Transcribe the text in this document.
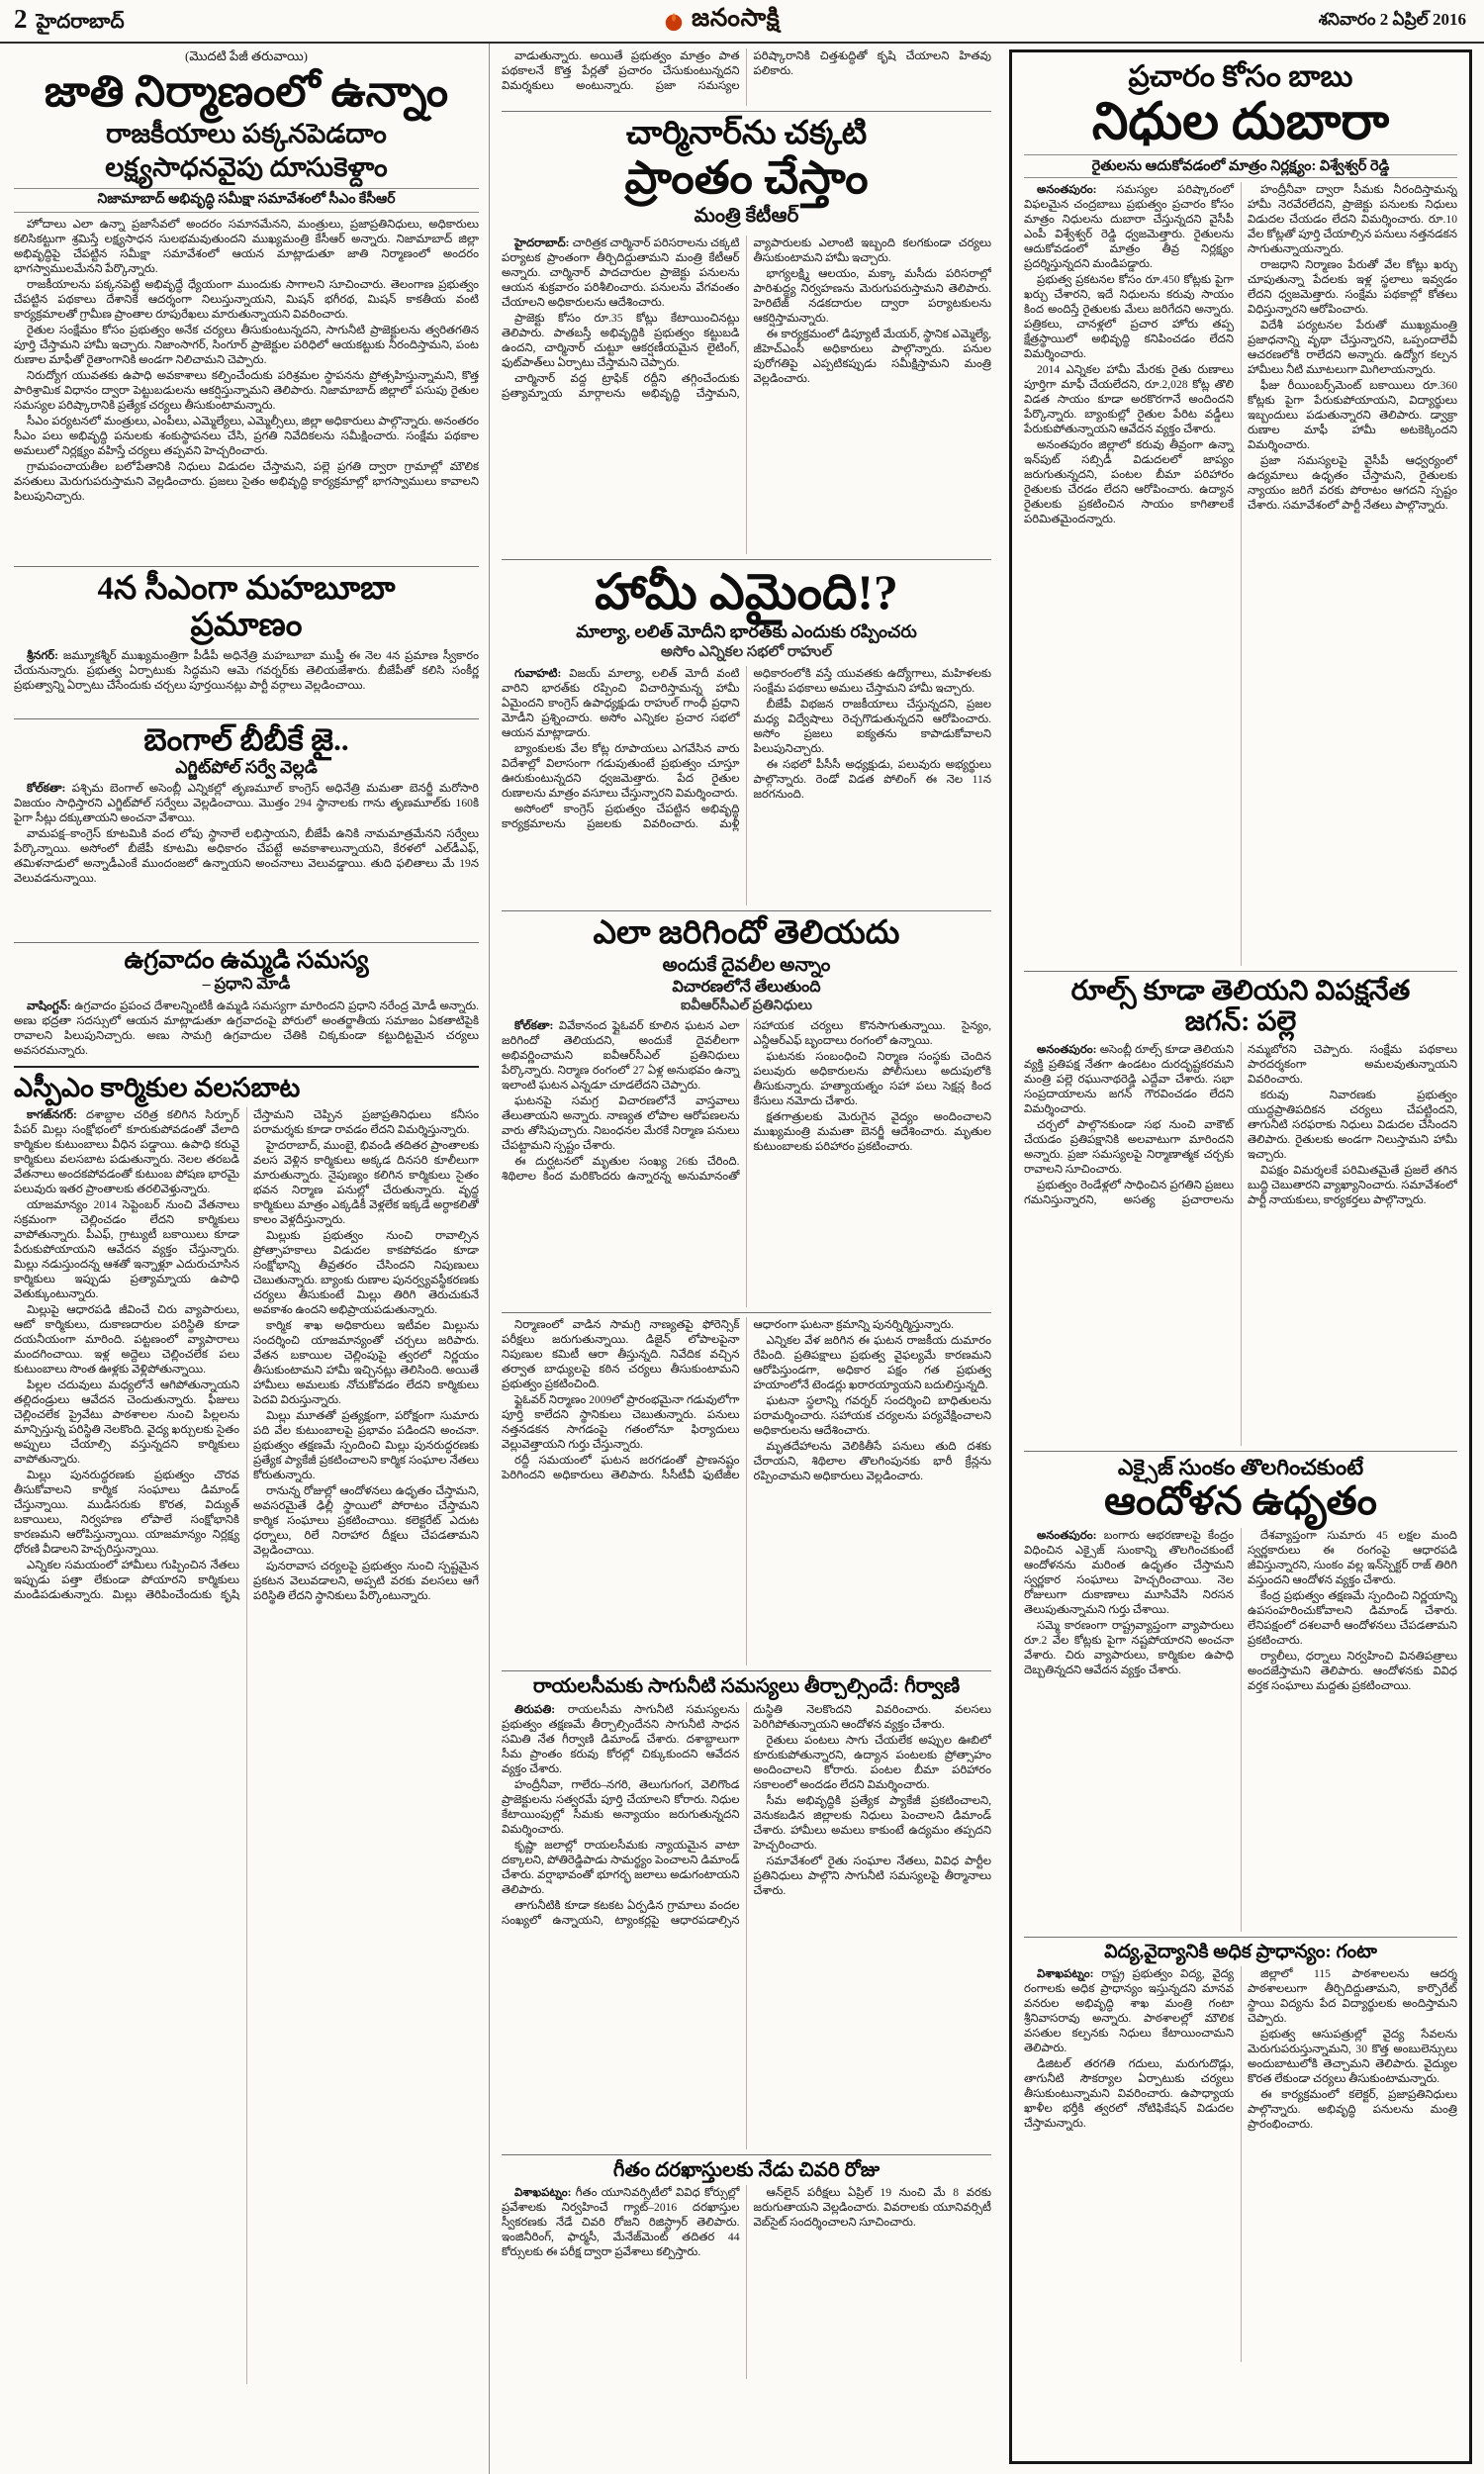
2 హైదరాబాద్	జనంసాక్షి	శనివారం 2 ఏప్రిల్ 2016
(మొదటి పేజీ తరువాయి)
జాతి నిర్మాణంలో ఉన్నాం
రాజకీయాలు పక్కనపెడదాం
లక్ష్యసాధనవైపు దూసుకెళ్దాం
నిజామాబాద్ అభివృద్ధి సమీక్షా సమావేశంలో సీఎం కేసీఆర్

హోదాలు ఎలా ఉన్నా ప్రజాసేవలో అందరం సమానమేనని, మంత్రులు, ప్రజాప్రతినిధులు, అధికారులు కలిసికట్టుగా శ్రమిస్తే లక్ష్యసాధన సులభమవుతుందని ముఖ్యమంత్రి కేసీఆర్ అన్నారు. నిజామాబాద్ జిల్లా అభివృద్ధిపై చేపట్టిన సమీక్షా సమావేశంలో ఆయన మాట్లాడుతూ జాతి నిర్మాణంలో అందరం భాగస్వాములమేనని పేర్కొన్నారు.

రాజకీయాలను పక్కనపెట్టి అభివృద్ధే ధ్యేయంగా ముందుకు సాగాలని సూచించారు. తెలంగాణ ప్రభుత్వం చేపట్టిన పథకాలు దేశానికే ఆదర్శంగా నిలుస్తున్నాయని, మిషన్ భగీరథ, మిషన్ కాకతీయ వంటి కార్యక్రమాలతో గ్రామీణ ప్రాంతాల రూపురేఖలు మారుతున్నాయని వివరించారు.

రైతుల సంక్షేమం కోసం ప్రభుత్వం అనేక చర్యలు తీసుకుంటున్నదని, సాగునీటి ప్రాజెక్టులను త్వరితగతిన పూర్తి చేస్తామని హామీ ఇచ్చారు. నిజాంసాగర్, సింగూర్ ప్రాజెక్టుల పరిధిలో ఆయకట్టుకు నీరందిస్తామని, పంట రుణాల మాఫీతో రైతాంగానికి అండగా నిలిచామని చెప్పారు.

నిరుద్యోగ యువతకు ఉపాధి అవకాశాలు కల్పించేందుకు పరిశ్రమల స్థాపనను ప్రోత్సహిస్తున్నామని, కొత్త పారిశ్రామిక విధానం ద్వారా పెట్టుబడులను ఆకర్షిస్తున్నామని తెలిపారు. నిజామాబాద్ జిల్లాలో పసుపు రైతుల సమస్యల పరిష్కారానికి ప్రత్యేక చర్యలు తీసుకుంటామన్నారు.

సీఎం పర్యటనలో మంత్రులు, ఎంపీలు, ఎమ్మెల్యేలు, ఎమ్మెల్సీలు, జిల్లా అధికారులు పాల్గొన్నారు. అనంతరం సీఎం పలు అభివృద్ధి పనులకు శంకుస్థాపనలు చేసి, ప్రగతి నివేదికలను సమీక్షించారు. సంక్షేమ పథకాల అమలులో నిర్లక్ష్యం వహిస్తే చర్యలు తప్పవని హెచ్చరించారు.

గ్రామపంచాయతీల బలోపేతానికి నిధులు విడుదల చేస్తామని, పల్లె ప్రగతి ద్వారా గ్రామాల్లో మౌలిక వసతులు మెరుగుపరుస్తామని వెల్లడించారు. ప్రజలు సైతం అభివృద్ధి కార్యక్రమాల్లో భాగస్వాములు కావాలని పిలుపునిచ్చారు.

4న సీఎంగా మహబూబా ప్రమాణం

శ్రీనగర్: జమ్మూకశ్మీర్ ముఖ్యమంత్రిగా పీడీపీ అధినేత్రి మహబూబా ముఫ్తీ ఈ నెల 4న ప్రమాణ స్వీకారం చేయనున్నారు. ప్రభుత్వ ఏర్పాటుకు సిద్ధమని ఆమె గవర్నర్‌కు తెలియజేశారు. బీజేపీతో కలిసి సంకీర్ణ ప్రభుత్వాన్ని ఏర్పాటు చేసేందుకు చర్చలు పూర్తయినట్లు పార్టీ వర్గాలు వెల్లడించాయి.

బెంగాల్ బీబీకే జై..
ఎగ్జిట్‌పోల్ సర్వే వెల్లడి

కోల్‌కతా: పశ్చిమ బెంగాల్ అసెంబ్లీ ఎన్నికల్లో తృణమూల్ కాంగ్రెస్ అధినేత్రి మమతా బెనర్జీ మరోసారి విజయం సాధిస్తారని ఎగ్జిట్‌పోల్ సర్వేలు వెల్లడించాయి. మొత్తం 294 స్థానాలకు గాను తృణమూల్‌కు 160కి పైగా సీట్లు దక్కుతాయని అంచనా వేశాయి.

వామపక్ష–కాంగ్రెస్ కూటమికి వంద లోపు స్థానాలే లభిస్తాయని, బీజేపీ ఉనికి నామమాత్రమేనని సర్వేలు పేర్కొన్నాయి. అసోంలో బీజేపీ కూటమి అధికారం చేపట్టే అవకాశాలున్నాయని, కేరళలో ఎల్‌డీఎఫ్, తమిళనాడులో అన్నాడీఎంకే ముందంజలో ఉన్నాయని అంచనాలు వెలువడ్డాయి. తుది ఫలితాలు మే 19న వెలువడనున్నాయి.

ఉగ్రవాదం ఉమ్మడి సమస్య
– ప్రధాని మోడీ

వాషింగ్టన్: ఉగ్రవాదం ప్రపంచ దేశాలన్నింటికీ ఉమ్మడి సమస్యగా మారిందని ప్రధాని నరేంద్ర మోడీ అన్నారు. అణు భద్రతా సదస్సులో ఆయన మాట్లాడుతూ ఉగ్రవాదంపై పోరులో అంతర్జాతీయ సమాజం ఏకతాటిపైకి రావాలని పిలుపునిచ్చారు. అణు సామగ్రి ఉగ్రవాదుల చేతికి చిక్కకుండా కట్టుదిట్టమైన చర్యలు అవసరమన్నారు.

ఎస్పీఎం కార్మికుల వలసబాట

కాగజ్‌నగర్: దశాబ్దాల చరిత్ర కలిగిన సిర్పూర్ పేపర్ మిల్లు సంక్షోభంలో కూరుకుపోవడంతో వేలాది కార్మికుల కుటుంబాలు వీధిన పడ్డాయి. ఉపాధి కరువై కార్మికులు వలసబాట పడుతున్నారు. నెలల తరబడి వేతనాలు అందకపోవడంతో కుటుంబ పోషణ భారమై పలువురు ఇతర ప్రాంతాలకు తరలివెళ్తున్నారు.

యాజమాన్యం 2014 సెప్టెంబర్ నుంచి వేతనాలు సక్రమంగా చెల్లించడం లేదని కార్మికులు వాపోతున్నారు. పీఎఫ్, గ్రాట్యుటీ బకాయిలు కూడా పేరుకుపోయాయని ఆవేదన వ్యక్తం చేస్తున్నారు. మిల్లు నడుస్తుందన్న ఆశతో ఇన్నాళ్లూ ఎదురుచూసిన కార్మికులు ఇప్పుడు ప్రత్యామ్నాయ ఉపాధి వెతుక్కుంటున్నారు.

మిల్లుపై ఆధారపడి జీవించే చిరు వ్యాపారులు, ఆటో కార్మికులు, దుకాణదారుల పరిస్థితి కూడా దయనీయంగా మారింది. పట్టణంలో వ్యాపారాలు మందగించాయి. ఇళ్ల అద్దెలు చెల్లించలేక పలు కుటుంబాలు సొంత ఊళ్లకు వెళ్లిపోతున్నాయి.

పిల్లల చదువులు మధ్యలోనే ఆగిపోతున్నాయని తల్లిదండ్రులు ఆవేదన చెందుతున్నారు. ఫీజులు చెల్లించలేక ప్రైవేటు పాఠశాలల నుంచి పిల్లలను మాన్పిస్తున్న పరిస్థితి నెలకొంది. వైద్య ఖర్చులకు సైతం అప్పులు చేయాల్సి వస్తున్నదని కార్మికులు వాపోతున్నారు.

మిల్లు పునరుద్ధరణకు ప్రభుత్వం చొరవ తీసుకోవాలని కార్మిక సంఘాలు డిమాండ్ చేస్తున్నాయి. ముడిసరుకు కొరత, విద్యుత్ బకాయిలు, నిర్వహణ లోపాలే సంక్షోభానికి కారణమని ఆరోపిస్తున్నాయి. యాజమాన్యం నిర్లక్ష్య ధోరణి వీడాలని హెచ్చరిస్తున్నాయి.

ఎన్నికల సమయంలో హామీలు గుప్పించిన నేతలు ఇప్పుడు పత్తా లేకుండా పోయారని కార్మికులు మండిపడుతున్నారు. మిల్లు తెరిపించేందుకు కృషి చేస్తామని చెప్పిన ప్రజాప్రతినిధులు కనీసం పరామర్శకు కూడా రావడం లేదని విమర్శిస్తున్నారు.

హైదరాబాద్, ముంబై, భివండి తదితర ప్రాంతాలకు వలస వెళ్లిన కార్మికులు అక్కడ దినసరి కూలీలుగా మారుతున్నారు. నైపుణ్యం కలిగిన కార్మికులు సైతం భవన నిర్మాణ పనుల్లో చేరుతున్నారు. వృద్ధ కార్మికులు మాత్రం ఎక్కడికీ వెళ్లలేక ఇక్కడే అర్ధాకలితో కాలం వెళ్లదీస్తున్నారు.

మిల్లుకు ప్రభుత్వం నుంచి రావాల్సిన ప్రోత్సాహకాలు విడుదల కాకపోవడం కూడా సంక్షోభాన్ని తీవ్రతరం చేసిందని నిపుణులు చెబుతున్నారు. బ్యాంకు రుణాల పునర్వ్యవస్థీకరణకు చర్యలు తీసుకుంటే మిల్లు తిరిగి తెరుచుకునే అవకాశం ఉందని అభిప్రాయపడుతున్నారు.

కార్మిక శాఖ అధికారులు ఇటీవల మిల్లును సందర్శించి యాజమాన్యంతో చర్చలు జరిపారు. వేతన బకాయిల చెల్లింపుపై త్వరలో నిర్ణయం తీసుకుంటామని హామీ ఇచ్చినట్లు తెలిసింది. అయితే హామీలు అమలుకు నోచుకోవడం లేదని కార్మికులు పెదవి విరుస్తున్నారు.

మిల్లు మూతతో ప్రత్యక్షంగా, పరోక్షంగా సుమారు పది వేల కుటుంబాలపై ప్రభావం పడిందని అంచనా. ప్రభుత్వం తక్షణమే స్పందించి మిల్లు పునరుద్ధరణకు ప్రత్యేక ప్యాకేజీ ప్రకటించాలని కార్మిక సంఘాల నేతలు కోరుతున్నారు.

రానున్న రోజుల్లో ఆందోళనలు ఉధృతం చేస్తామని, అవసరమైతే ఢిల్లీ స్థాయిలో పోరాటం చేస్తామని కార్మిక సంఘాలు ప్రకటించాయి. కలెక్టరేట్ ఎదుట ధర్నాలు, రిలే నిరాహార దీక్షలు చేపడతామని వెల్లడించాయి.

పునరావాస చర్యలపై ప్రభుత్వం నుంచి స్పష్టమైన ప్రకటన వెలువడాలని, అప్పటి వరకు వలసలు ఆగే పరిస్థితి లేదని స్థానికులు పేర్కొంటున్నారు.

వాడుతున్నారు. అయితే ప్రభుత్వం మాత్రం పాత పథకాలనే కొత్త పేర్లతో ప్రచారం చేసుకుంటున్నదని విమర్శకులు అంటున్నారు. ప్రజా సమస్యల పరిష్కారానికి చిత్తశుద్ధితో కృషి చేయాలని హితవు పలికారు.

చార్మినార్‌ను చక్కటి
ప్రాంతం చేస్తాం
మంత్రి కేటీఆర్

హైదరాబాద్: చారిత్రక చార్మినార్ పరిసరాలను చక్కటి పర్యాటక ప్రాంతంగా తీర్చిదిద్దుతామని మంత్రి కేటీఆర్ అన్నారు. చార్మినార్ పాదచారుల ప్రాజెక్టు పనులను ఆయన శుక్రవారం పరిశీలించారు. పనులను వేగవంతం చేయాలని అధికారులను ఆదేశించారు.

ప్రాజెక్టు కోసం రూ.35 కోట్లు కేటాయించినట్లు తెలిపారు. పాతబస్తీ అభివృద్ధికి ప్రభుత్వం కట్టుబడి ఉందని, చార్మినార్ చుట్టూ ఆకర్షణీయమైన లైటింగ్, ఫుట్‌పాత్‌లు ఏర్పాటు చేస్తామని చెప్పారు.

చార్మినార్ వద్ద ట్రాఫిక్ రద్దీని తగ్గించేందుకు ప్రత్యామ్నాయ మార్గాలను అభివృద్ధి చేస్తామని, వ్యాపారులకు ఎలాంటి ఇబ్బంది కలగకుండా చర్యలు తీసుకుంటామని హామీ ఇచ్చారు.

భాగ్యలక్ష్మి ఆలయం, మక్కా మసీదు పరిసరాల్లో పారిశుద్ధ్య నిర్వహణను మెరుగుపరుస్తామని తెలిపారు. హెరిటేజ్ నడకదారుల ద్వారా పర్యాటకులను ఆకర్షిస్తామన్నారు.

ఈ కార్యక్రమంలో డిప్యూటీ మేయర్, స్థానిక ఎమ్మెల్యే, జీహెచ్ఎంసీ అధికారులు పాల్గొన్నారు. పనుల పురోగతిపై ఎప్పటికప్పుడు సమీక్షిస్తామని మంత్రి వెల్లడించారు.

హామీ ఎమైంది!?
మాల్యా, లలిత్ మోదీని భారత్‌కు ఎందుకు రప్పించరు
అసోం ఎన్నికల సభలో రాహుల్

గువాహటి: విజయ్ మాల్యా, లలిత్ మోదీ వంటి వారిని భారత్‌కు రప్పించి విచారిస్తామన్న హామీ ఏమైందని కాంగ్రెస్ ఉపాధ్యక్షుడు రాహుల్ గాంధీ ప్రధాని మోడీని ప్రశ్నించారు. అసోం ఎన్నికల ప్రచార సభలో ఆయన మాట్లాడారు.

బ్యాంకులకు వేల కోట్ల రూపాయలు ఎగవేసిన వారు విదేశాల్లో విలాసంగా గడుపుతుంటే ప్రభుత్వం చూస్తూ ఊరుకుంటున్నదని ధ్వజమెత్తారు. పేద రైతుల రుణాలను మాత్రం వసూలు చేస్తున్నారని విమర్శించారు.

అసోంలో కాంగ్రెస్ ప్రభుత్వం చేపట్టిన అభివృద్ధి కార్యక్రమాలను ప్రజలకు వివరించారు. మళ్లీ అధికారంలోకి వస్తే యువతకు ఉద్యోగాలు, మహిళలకు సంక్షేమ పథకాలు అమలు చేస్తామని హామీ ఇచ్చారు.

బీజేపీ విభజన రాజకీయాలు చేస్తున్నదని, ప్రజల మధ్య విద్వేషాలు రెచ్చగొడుతున్నదని ఆరోపించారు. అసోం ప్రజలు ఐక్యతను కాపాడుకోవాలని పిలుపునిచ్చారు.

ఈ సభలో పీసీసీ అధ్యక్షుడు, పలువురు అభ్యర్థులు పాల్గొన్నారు. రెండో విడత పోలింగ్ ఈ నెల 11న జరగనుంది.

ఎలా జరిగిందో తెలియదు
అందుకే దైవలీల అన్నాం
విచారణలోనే తేలుతుంది
ఐవీఆర్‌సీఎల్ ప్రతినిధులు

కోల్‌కతా: వివేకానంద ఫ్లైఓవర్ కూలిన ఘటన ఎలా జరిగిందో తెలియదని, అందుకే దైవలీలగా అభివర్ణించామని ఐవీఆర్‌సీఎల్ ప్రతినిధులు పేర్కొన్నారు. నిర్మాణ రంగంలో 27 ఏళ్ల అనుభవం ఉన్నా ఇలాంటి ఘటన ఎన్నడూ చూడలేదని చెప్పారు.

ఘటనపై సమగ్ర విచారణలోనే వాస్తవాలు తేలుతాయని అన్నారు. నాణ్యత లోపాల ఆరోపణలను వారు తోసిపుచ్చారు. నిబంధనల మేరకే నిర్మాణ పనులు చేపట్టామని స్పష్టం చేశారు.

ఈ దుర్ఘటనలో మృతుల సంఖ్య 26కు చేరింది. శిథిలాల కింద మరికొందరు ఉన్నారన్న అనుమానంతో సహాయక చర్యలు కొనసాగుతున్నాయి. సైన్యం, ఎన్డీఆర్ఎఫ్ బృందాలు రంగంలో ఉన్నాయి.

ఘటనకు సంబంధించి నిర్మాణ సంస్థకు చెందిన పలువురు అధికారులను పోలీసులు అదుపులోకి తీసుకున్నారు. హత్యాయత్నం సహా పలు సెక్షన్ల కింద కేసులు నమోదు చేశారు.

క్షతగాత్రులకు మెరుగైన వైద్యం అందించాలని ముఖ్యమంత్రి మమతా బెనర్జీ ఆదేశించారు. మృతుల కుటుంబాలకు పరిహారం ప్రకటించారు.

నిర్మాణంలో వాడిన సామగ్రి నాణ్యతపై ఫోరెన్సిక్ పరీక్షలు జరుగుతున్నాయి. డిజైన్ లోపాలపైనా నిపుణుల కమిటీ ఆరా తీస్తున్నది. నివేదిక వచ్చిన తర్వాత బాధ్యులపై కఠిన చర్యలు తీసుకుంటామని ప్రభుత్వం ప్రకటించింది.

ఫ్లైఓవర్ నిర్మాణం 2009లో ప్రారంభమైనా గడువులోగా పూర్తి కాలేదని స్థానికులు చెబుతున్నారు. పనులు నత్తనడకన సాగడంపై గతంలోనూ ఫిర్యాదులు వెల్లువెత్తాయని గుర్తు చేస్తున్నారు.

రద్దీ సమయంలో ఘటన జరగడంతో ప్రాణనష్టం పెరిగిందని అధికారులు తెలిపారు. సీసీటీవీ ఫుటేజీల ఆధారంగా ఘటనా క్రమాన్ని పునర్నిర్మిస్తున్నారు.

ఎన్నికల వేళ జరిగిన ఈ ఘటన రాజకీయ దుమారం రేపింది. ప్రతిపక్షాలు ప్రభుత్వ వైఫల్యమే కారణమని ఆరోపిస్తుండగా, అధికార పక్షం గత ప్రభుత్వ హయాంలోనే టెండర్లు ఖరారయ్యాయని బదులిస్తున్నది.

ఘటనా స్థలాన్ని గవర్నర్ సందర్శించి బాధితులను పరామర్శించారు. సహాయక చర్యలను పర్యవేక్షించాలని అధికారులను ఆదేశించారు.

మృతదేహాలను వెలికితీసే పనులు తుది దశకు చేరాయని, శిథిలాల తొలగింపునకు భారీ క్రేన్లను రప్పించామని అధికారులు వెల్లడించారు.

రాయలసీమకు సాగునీటి సమస్యలు తీర్చాల్సిందే: గీర్వాణి

తిరుపతి: రాయలసీమ సాగునీటి సమస్యలను ప్రభుత్వం తక్షణమే తీర్చాల్సిందేనని సాగునీటి సాధన సమితి నేత గీర్వాణి డిమాండ్ చేశారు. దశాబ్దాలుగా సీమ ప్రాంతం కరువు కోరల్లో చిక్కుకుందని ఆవేదన వ్యక్తం చేశారు.

హంద్రీనీవా, గాలేరు–నగరి, తెలుగుగంగ, వెలిగొండ ప్రాజెక్టులను సత్వరమే పూర్తి చేయాలని కోరారు. నిధుల కేటాయింపుల్లో సీమకు అన్యాయం జరుగుతున్నదని విమర్శించారు.

కృష్ణా జలాల్లో రాయలసీమకు న్యాయమైన వాటా దక్కాలని, పోతిరెడ్డిపాడు సామర్థ్యం పెంచాలని డిమాండ్ చేశారు. వర్షాభావంతో భూగర్భ జలాలు అడుగంటాయని తెలిపారు.

తాగునీటికి కూడా కటకట ఏర్పడిన గ్రామాలు వందల సంఖ్యలో ఉన్నాయని, ట్యాంకర్లపై ఆధారపడాల్సిన దుస్థితి నెలకొందని వివరించారు. వలసలు పెరిగిపోతున్నాయని ఆందోళన వ్యక్తం చేశారు.

రైతులు పంటలు సాగు చేయలేక అప్పుల ఊబిలో కూరుకుపోతున్నారని, ఉద్యాన పంటలకు ప్రోత్సాహం అందించాలని కోరారు. పంటల బీమా పరిహారం సకాలంలో అందడం లేదని విమర్శించారు.

సీమ అభివృద్ధికి ప్రత్యేక ప్యాకేజీ ప్రకటించాలని, వెనుకబడిన జిల్లాలకు నిధులు పెంచాలని డిమాండ్ చేశారు. హామీలు అమలు కాకుంటే ఉద్యమం తప్పదని హెచ్చరించారు.

సమావేశంలో రైతు సంఘాల నేతలు, వివిధ పార్టీల ప్రతినిధులు పాల్గొని సాగునీటి సమస్యలపై తీర్మానాలు చేశారు.

గీతం దరఖాస్తులకు నేడు చివరి రోజు

విశాఖపట్నం: గీతం యూనివర్సిటీలో వివిధ కోర్సుల్లో ప్రవేశాలకు నిర్వహించే గ్యాట్‌–2016 దరఖాస్తుల స్వీకరణకు నేడే చివరి రోజని రిజిస్ట్రార్ తెలిపారు. ఇంజినీరింగ్, ఫార్మసీ, మేనేజ్‌మెంట్ తదితర 44 కోర్సులకు ఈ పరీక్ష ద్వారా ప్రవేశాలు కల్పిస్తారు.

ఆన్‌లైన్ పరీక్షలు ఏప్రిల్ 19 నుంచి మే 8 వరకు జరుగుతాయని వెల్లడించారు. వివరాలకు యూనివర్సిటీ వెబ్‌సైట్ సందర్శించాలని సూచించారు.

ప్రచారం కోసం బాబు
నిధుల దుబారా
రైతులను ఆదుకోవడంలో మాత్రం నిర్లక్ష్యం: విశ్వేశ్వర్ రెడ్డి

అనంతపురం: సమస్యల పరిష్కారంలో విఫలమైన చంద్రబాబు ప్రభుత్వం ప్రచారం కోసం మాత్రం నిధులను దుబారా చేస్తున్నదని వైసీపీ ఎంపీ విశ్వేశ్వర్ రెడ్డి ధ్వజమెత్తారు. రైతులను ఆదుకోవడంలో మాత్రం తీవ్ర నిర్లక్ష్యం ప్రదర్శిస్తున్నదని మండిపడ్డారు.

ప్రభుత్వ ప్రకటనల కోసం రూ.450 కోట్లకు పైగా ఖర్చు చేశారని, ఇదే నిధులను కరువు సాయం కింద అందిస్తే రైతులకు మేలు జరిగేదని అన్నారు. పత్రికలు, చానళ్లలో ప్రచార హోరు తప్ప క్షేత్రస్థాయిలో అభివృద్ధి కనిపించడం లేదని విమర్శించారు.

2014 ఎన్నికల హామీ మేరకు రైతు రుణాలు పూర్తిగా మాఫీ చేయలేదని, రూ.2,028 కోట్ల తొలి విడత సాయం కూడా అరకొరగానే అందిందని పేర్కొన్నారు. బ్యాంకుల్లో రైతుల పేరిట వడ్డీలు పేరుకుపోతున్నాయని ఆవేదన వ్యక్తం చేశారు.

అనంతపురం జిల్లాలో కరువు తీవ్రంగా ఉన్నా ఇన్‌పుట్ సబ్సిడీ విడుదలలో జాప్యం జరుగుతున్నదని, పంటల బీమా పరిహారం రైతులకు చేరడం లేదని ఆరోపించారు. ఉద్యాన రైతులకు ప్రకటించిన సాయం కాగితాలకే పరిమితమైందన్నారు.

హంద్రీనీవా ద్వారా సీమకు నీరందిస్తామన్న హామీ నెరవేరలేదని, ప్రాజెక్టు పనులకు నిధులు విడుదల చేయడం లేదని విమర్శించారు. రూ.10 వేల కోట్లతో పూర్తి చేయాల్సిన పనులు నత్తనడకన సాగుతున్నాయన్నారు.

రాజధాని నిర్మాణం పేరుతో వేల కోట్లు ఖర్చు చూపుతున్నా పేదలకు ఇళ్ల స్థలాలు ఇవ్వడం లేదని ధ్వజమెత్తారు. సంక్షేమ పథకాల్లో కోతలు విధిస్తున్నారని ఆరోపించారు.

విదేశీ పర్యటనల పేరుతో ముఖ్యమంత్రి ప్రజాధనాన్ని వృథా చేస్తున్నారని, ఒప్పందాలేవీ ఆచరణలోకి రాలేదని అన్నారు. ఉద్యోగ కల్పన హామీలు నీటి మూటలుగా మిగిలాయన్నారు.

ఫీజు రీయింబర్స్‌మెంట్ బకాయిలు రూ.360 కోట్లకు పైగా పేరుకుపోయాయని, విద్యార్థులు ఇబ్బందులు పడుతున్నారని తెలిపారు. డ్వాక్రా రుణాల మాఫీ హామీ అటకెక్కిందని విమర్శించారు.

ప్రజా సమస్యలపై వైసీపీ ఆధ్వర్యంలో ఉద్యమాలు ఉధృతం చేస్తామని, రైతులకు న్యాయం జరిగే వరకు పోరాటం ఆగదని స్పష్టం చేశారు. సమావేశంలో పార్టీ నేతలు పాల్గొన్నారు.

రూల్స్ కూడా తెలియని విపక్షనేత జగన్: పల్లె

అనంతపురం: అసెంబ్లీ రూల్స్ కూడా తెలియని వ్యక్తి ప్రతిపక్ష నేతగా ఉండటం దురదృష్టకరమని మంత్రి పల్లె రఘునాథరెడ్డి ఎద్దేవా చేశారు. సభా సంప్రదాయాలను జగన్ గౌరవించడం లేదని విమర్శించారు.

చర్చలో పాల్గొనకుండా సభ నుంచి వాకౌట్ చేయడం ప్రతిపక్షానికి అలవాటుగా మారిందని అన్నారు. ప్రజా సమస్యలపై నిర్మాణాత్మక చర్చకు రావాలని సూచించారు.

ప్రభుత్వం రెండేళ్లలో సాధించిన ప్రగతిని ప్రజలు గమనిస్తున్నారని, అసత్య ప్రచారాలను నమ్మబోరని చెప్పారు. సంక్షేమ పథకాలు పారదర్శకంగా అమలవుతున్నాయని వివరించారు.

కరువు నివారణకు ప్రభుత్వం యుద్ధప్రాతిపదికన చర్యలు చేపట్టిందని, తాగునీటి సరఫరాకు నిధులు విడుదల చేసిందని తెలిపారు. రైతులకు అండగా నిలుస్తామని హామీ ఇచ్చారు.

విపక్షం విమర్శలకే పరిమితమైతే ప్రజలే తగిన బుద్ధి చెబుతారని వ్యాఖ్యానించారు. సమావేశంలో పార్టీ నాయకులు, కార్యకర్తలు పాల్గొన్నారు.

ఎక్సైజ్ సుంకం తొలగించకుంటే
ఆందోళన ఉధృతం

అనంతపురం: బంగారు ఆభరణాలపై కేంద్రం విధించిన ఎక్సైజ్ సుంకాన్ని తొలగించకుంటే ఆందోళనను మరింత ఉధృతం చేస్తామని స్వర్ణకార సంఘాలు హెచ్చరించాయి. నెల రోజులుగా దుకాణాలు మూసివేసి నిరసన తెలుపుతున్నామని గుర్తు చేశాయి.

సమ్మె కారణంగా రాష్ట్రవ్యాప్తంగా వ్యాపారులు రూ.2 వేల కోట్లకు పైగా నష్టపోయారని అంచనా వేశారు. చిరు వ్యాపారులు, కార్మికుల ఉపాధి దెబ్బతిన్నదని ఆవేదన వ్యక్తం చేశారు.

దేశవ్యాప్తంగా సుమారు 45 లక్షల మంది స్వర్ణకారులు ఈ రంగంపై ఆధారపడి జీవిస్తున్నారని, సుంకం వల్ల ఇన్‌స్పెక్టర్ రాజ్ తిరిగి వస్తుందని ఆందోళన వ్యక్తం చేశారు.

కేంద్ర ప్రభుత్వం తక్షణమే స్పందించి నిర్ణయాన్ని ఉపసంహరించుకోవాలని డిమాండ్ చేశారు. లేనిపక్షంలో దశలవారీ ఆందోళనలు చేపడతామని ప్రకటించారు.

ర్యాలీలు, ధర్నాలు నిర్వహించి వినతిపత్రాలు అందజేస్తామని తెలిపారు. ఆందోళనకు వివిధ వర్తక సంఘాలు మద్దతు ప్రకటించాయి.

విద్య,వైద్యానికి అధిక ప్రాధాన్యం: గంటా

విశాఖపట్నం: రాష్ట్ర ప్రభుత్వం విద్య, వైద్య రంగాలకు అధిక ప్రాధాన్యం ఇస్తున్నదని మానవ వనరుల అభివృద్ధి శాఖ మంత్రి గంటా శ్రీనివాసరావు అన్నారు. పాఠశాలల్లో మౌలిక వసతుల కల్పనకు నిధులు కేటాయించామని తెలిపారు.

డిజిటల్ తరగతి గదులు, మరుగుదొడ్లు, తాగునీటి సౌకర్యాల ఏర్పాటుకు చర్యలు తీసుకుంటున్నామని వివరించారు. ఉపాధ్యాయ ఖాళీల భర్తీకి త్వరలో నోటిఫికేషన్ విడుదల చేస్తామన్నారు.

జిల్లాలో 115 పాఠశాలలను ఆదర్శ పాఠశాలలుగా తీర్చిదిద్దుతామని, కార్పొరేట్ స్థాయి విద్యను పేద విద్యార్థులకు అందిస్తామని చెప్పారు.

ప్రభుత్వ ఆసుపత్రుల్లో వైద్య సేవలను మెరుగుపరుస్తున్నామని, 30 కొత్త అంబులెన్సులు అందుబాటులోకి తెచ్చామని తెలిపారు. వైద్యుల కొరత లేకుండా చర్యలు తీసుకుంటామన్నారు.

ఈ కార్యక్రమంలో కలెక్టర్, ప్రజాప్రతినిధులు పాల్గొన్నారు. అభివృద్ధి పనులను మంత్రి ప్రారంభించారు.
